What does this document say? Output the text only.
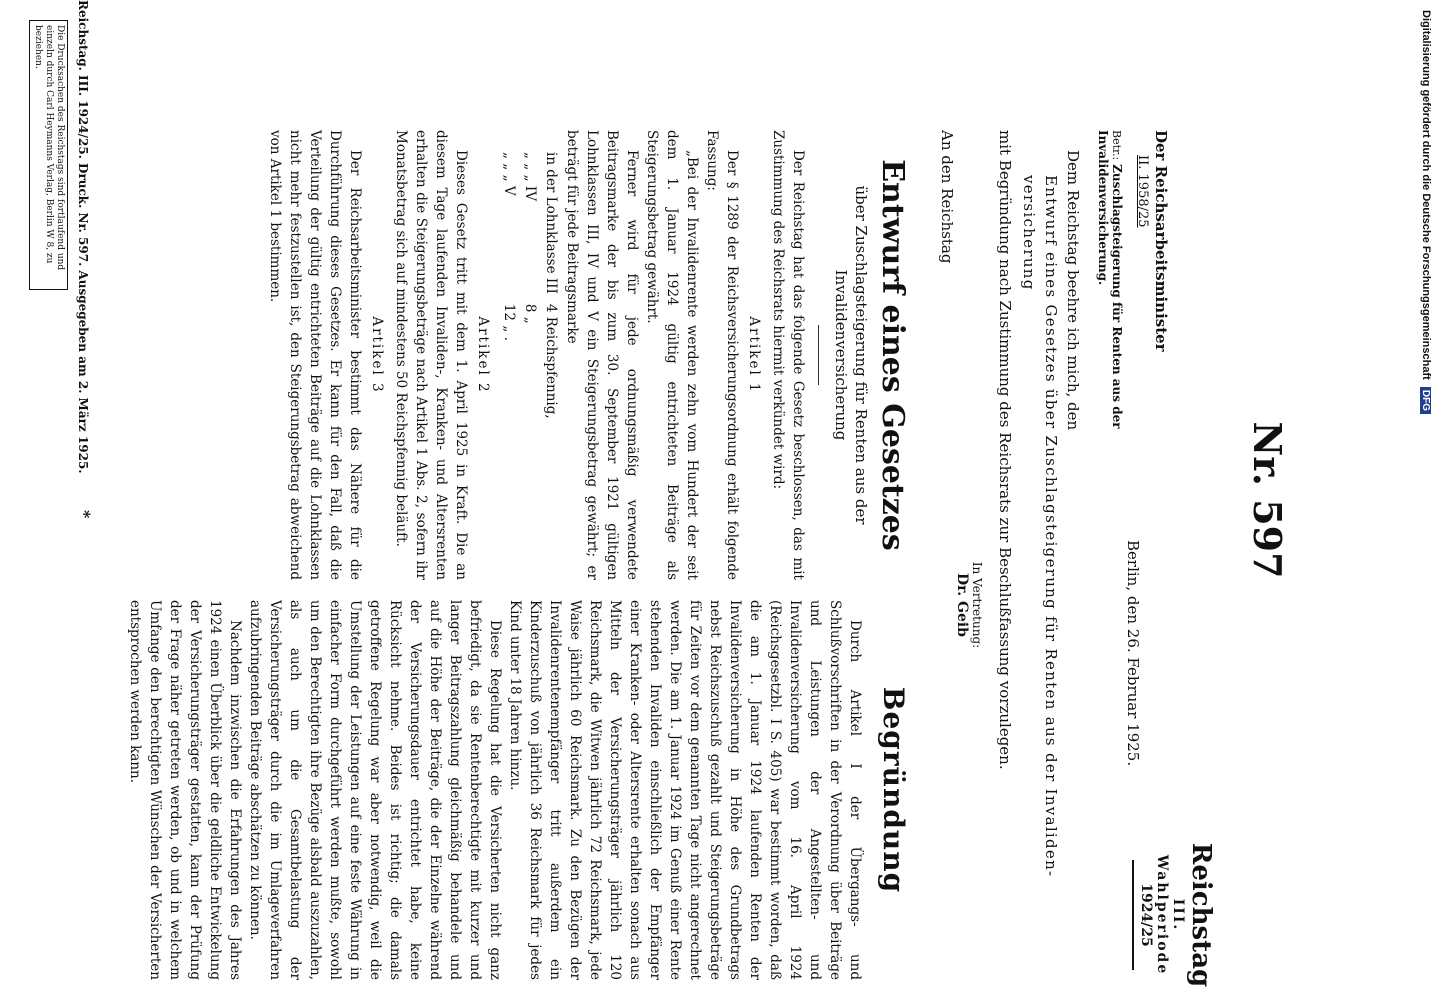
Nr. 597
Reichstag
III. Wahlperiode
1924/25
Der Reichsarbeitsminister
II. 1958/25
Betr.: Zuschlagsteigerung für Renten aus der Invalidenversicherung.
Berlin, den 26. Februar 1925.
Dem Reichstag beehre ich mich, den
Entwurf eines Gesetzes über Zuschlagsteigerung für Renten aus der Invaliden-
versicherung
mit Begründung nach Zustimmung des Reichsrats zur Beschlußfassung vorzulegen.
In Vertretung:
Dr. Geib
An den Reichstag
Entwurf eines Gesetzes
über Zuschlagsteigerung für Renten aus der Invalidenversicherung

Der Reichstag hat das folgende Gesetz beschlossen, das mit Zustimmung des Reichsrats hiermit verkündet wird:

Artikel 1

Der § 1289 der Reichsversicherungsordnung erhält folgende Fassung:

„Bei der Invalidenrente werden zehn vom Hundert der seit dem 1. Januar 1924 gültig entrichteten Beiträge als Steigerungsbetrag gewährt.

Ferner wird für jede ordnungsmäßig verwendete Beitragsmarke der bis zum 30. September 1921 gültigen Lohnklassen III, IV und V ein Steigerungsbetrag gewährt; er beträgt für jede Beitragsmarke

in der Lohnklasse III	4 Reichspfennig,
„ „ „ IV	8 „
„ „ „ V	12 „ .
Artikel 2

Dieses Gesetz tritt mit dem 1. April 1925 in Kraft. Die an diesem Tage laufenden Invaliden-, Kranken- und Altersrenten erhalten die Steigerungsbeträge nach Artikel 1 Abs. 2, sofern ihr Monatsbetrag sich auf mindestens 50 Reichspfennig beläuft.

Artikel 3

Der Reichsarbeitsminister bestimmt das Nähere für die Durchführung dieses Gesetzes. Er kann für den Fall, daß die Verteilung der gültig entrichteten Beiträge auf die Lohnklassen nicht mehr festzustellen ist, den Steigerungsbetrag abweichend von Artikel 1 bestimmen.

Begründung

Durch Artikel I der Übergangs- und Schlußvorschriften in der Verordnung über Beiträge und Leistungen der Angestellten- und Invalidenversicherung vom 16. April 1924 (Reichsgesetzbl. I S. 405) war bestimmt worden, daß die am 1. Januar 1924 laufenden Renten der Invalidenversicherung in Höhe des Grundbetrags nebst Reichszuschuß gezahlt und Steigerungsbeträge für Zeiten vor dem genannten Tage nicht angerechnet werden. Die am 1. Januar 1924 im Genuß einer Rente stehenden Invaliden einschließlich der Empfänger einer Kranken- oder Altersrente erhalten sonach aus Mitteln der Versicherungsträger jährlich 120 Reichsmark, die Witwen jährlich 72 Reichsmark, jede Waise jährlich 60 Reichsmark. Zu den Bezügen der Invalidenrentenempfänger tritt außerdem ein Kinderzuschuß von jährlich 36 Reichsmark für jedes Kind unter 18 Jahren hinzu.

Diese Regelung hat die Versicherten nicht ganz befriedigt, da sie Rentenberechtigte mit kurzer und langer Beitragszahlung gleichmäßig behandele und auf die Höhe der Beiträge, die der Einzelne während der Versicherungsdauer entrichtet habe, keine Rücksicht nehme. Beides ist richtig; die damals getroffene Regelung war aber notwendig, weil die Umstellung der Leistungen auf eine feste Währung in einfacher Form durchgeführt werden mußte, sowohl um den Berechtigten ihre Bezüge alsbald auszuzahlen, als auch um die Gesamtbelastung der Versicherungsträger durch die im Umlageverfahren aufzubringenden Beiträge abschätzen zu können.

Nachdem inzwischen die Erfahrungen des Jahres 1924 einen Überblick über die geldliche Entwickelung der Versicherungsträger gestatten, kann der Prüfung der Frage näher getreten werden, ob und in welchem Umfange den berechtigten Wünschen der Versicherten entsprochen werden kann.

Reichstag. III. 1924/25. Druck. Nr. 597. Ausgegeben am 2. März 1925.
*
Die Drucksachen des Reichstags sind fortlaufend und einzeln durch Carl Heymanns Verlag, Berlin W 8, zu beziehen.	Digitalisierung gefördert durch die Deutsche Forschungsgemeinschaft DFG
